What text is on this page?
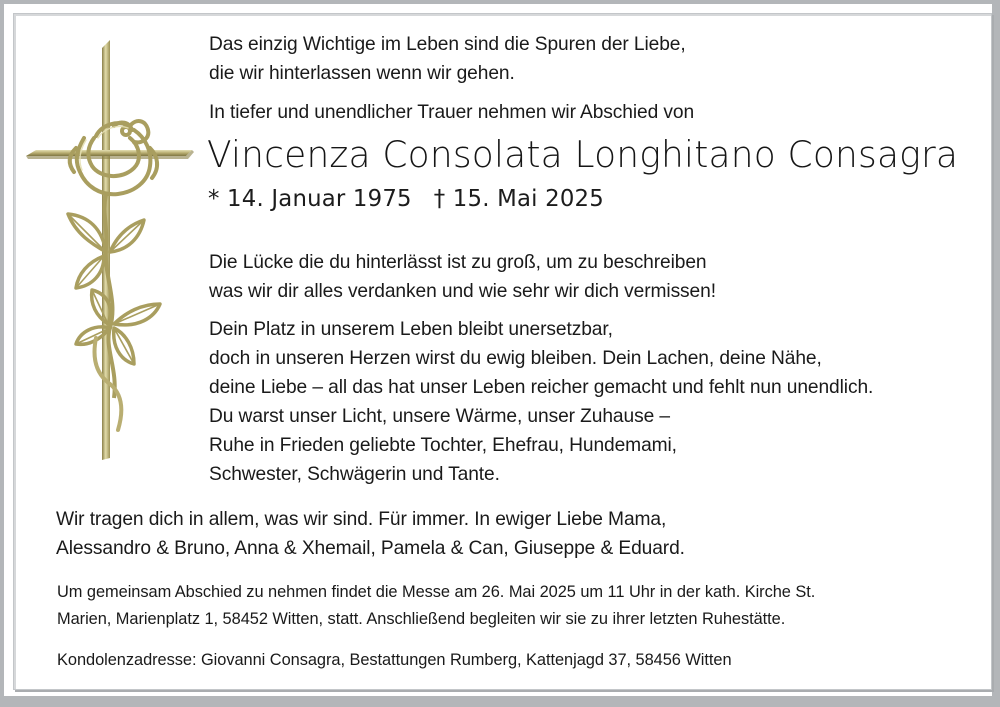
Das einzig Wichtige im Leben sind die Spuren der Liebe,
die wir hinterlassen wenn wir gehen.
In tiefer und unendlicher Trauer nehmen wir Abschied von
Vincenza Consolata Longhitano Consagra
* 14. Januar 1975 † 15. Mai 2025
Die Lücke die du hinterlässt ist zu groß, um zu beschreiben
was wir dir alles verdanken und wie sehr wir dich vermissen!
Dein Platz in unserem Leben bleibt unersetzbar,
doch in unseren Herzen wirst du ewig bleiben. Dein Lachen, deine Nähe,
deine Liebe – all das hat unser Leben reicher gemacht und fehlt nun unendlich.
Du warst unser Licht, unsere Wärme, unser Zuhause –
Ruhe in Frieden geliebte Tochter, Ehefrau, Hundemami,
Schwester, Schwägerin und Tante.
Wir tragen dich in allem, was wir sind. Für immer. In ewiger Liebe Mama,
Alessandro & Bruno, Anna & Xhemail, Pamela & Can, Giuseppe & Eduard.
Um gemeinsam Abschied zu nehmen findet die Messe am 26. Mai 2025 um 11 Uhr in der kath. Kirche St.
Marien, Marienplatz 1, 58452 Witten, statt. Anschließend begleiten wir sie zu ihrer letzten Ruhestätte.
Kondolenzadresse: Giovanni Consagra, Bestattungen Rumberg, Kattenjagd 37, 58456 Witten
